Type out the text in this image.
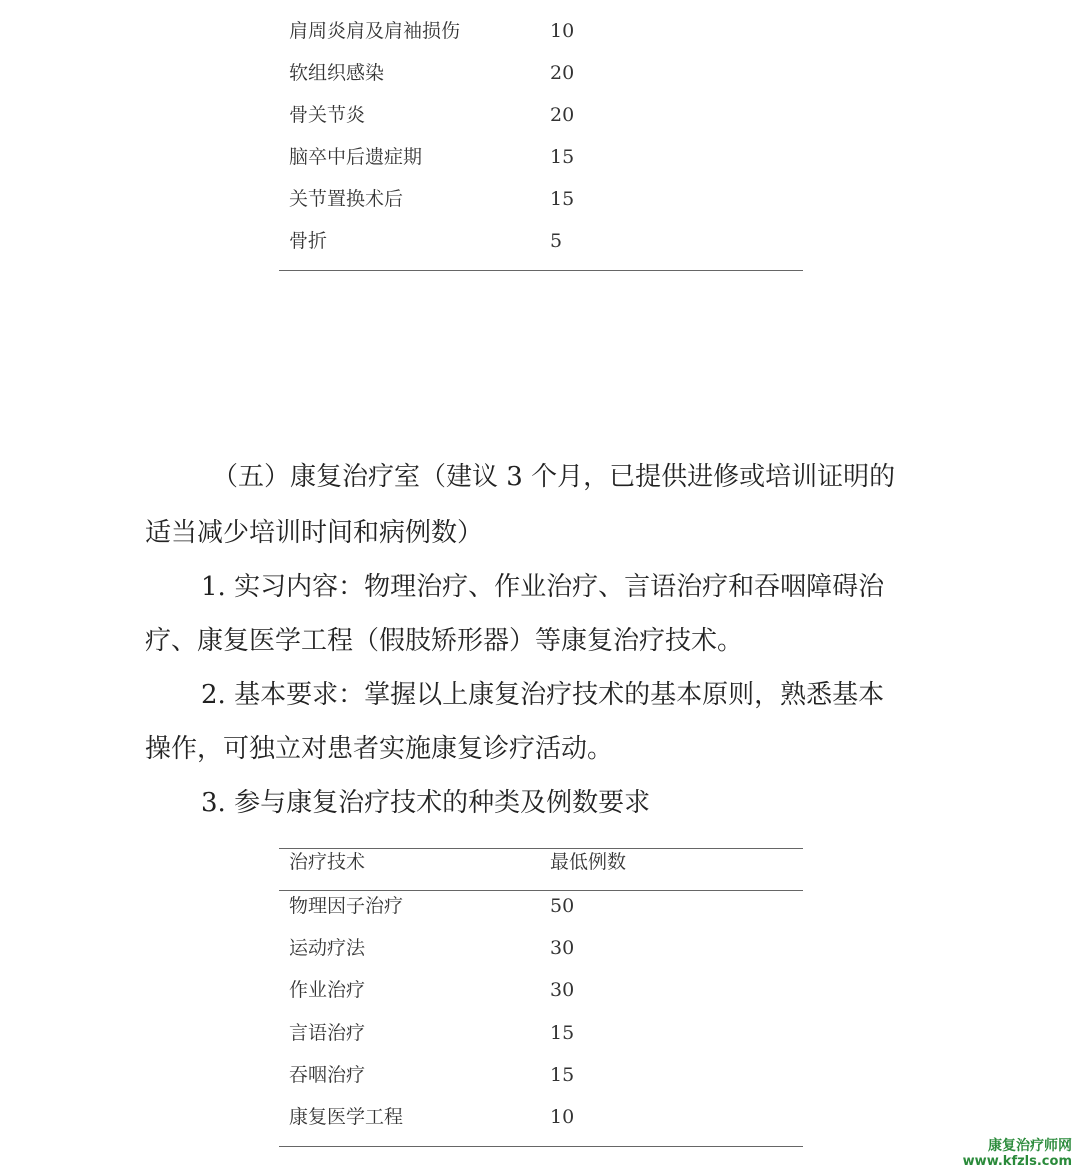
肩周炎肩及肩袖损伤	10
软组织感染	20
骨关节炎	20
脑卒中后遗症期	15
关节置换术后	15
骨折	5
（五）康复治疗室（建议 3 个月，已提供进修或培训证明的
适当减少培训时间和病例数）
1. 实习内容：物理治疗、作业治疗、言语治疗和吞咽障碍治
疗、康复医学工程（假肢矫形器）等康复治疗技术。
2. 基本要求：掌握以上康复治疗技术的基本原则，熟悉基本
操作，可独立对患者实施康复诊疗活动。
3. 参与康复治疗技术的种类及例数要求
治疗技术	最低例数
物理因子治疗	50
运动疗法	30
作业治疗	30
言语治疗	15
吞咽治疗	15
康复医学工程	10
康复治疗师网
www.kfzls.com
